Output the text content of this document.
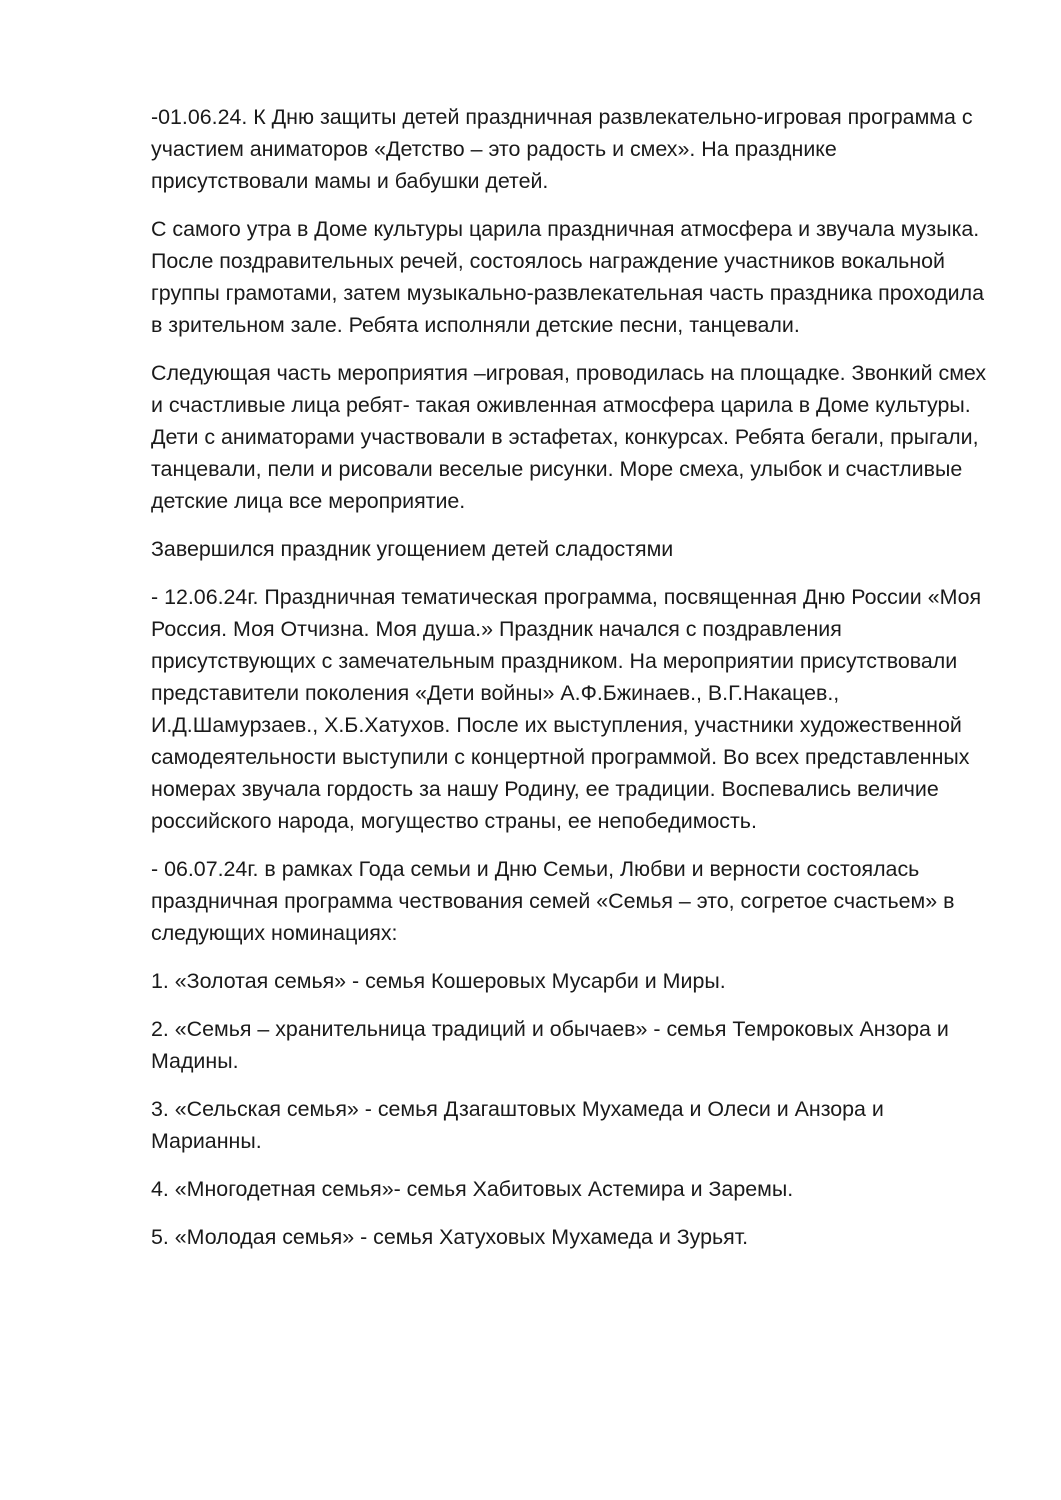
-01.06.24. К Дню защиты детей праздничная развлекательно-игровая программа с участием аниматоров «Детство – это радость и смех». На празднике присутствовали мамы и бабушки детей.

С самого утра в Доме культуры царила праздничная атмосфера и звучала музыка. После поздравительных речей, состоялось награждение участников вокальной группы грамотами, затем музыкально-развлекательная часть праздника проходила в зрительном зале. Ребята исполняли детские песни, танцевали.

Следующая часть мероприятия –игровая, проводилась на площадке. Звонкий смех и счастливые лица ребят- такая оживленная атмосфера царила в Доме культуры. Дети с аниматорами участвовали в эстафетах, конкурсах. Ребята бегали, прыгали, танцевали, пели и рисовали веселые рисунки. Море смеха, улыбок и счастливые детские лица все мероприятие.

Завершился праздник угощением детей сладостями

- 12.06.24г. Праздничная тематическая программа, посвященная Дню России «Моя Россия. Моя Отчизна. Моя душа.» Праздник начался с поздравления присутствующих с замечательным праздником. На мероприятии присутствовали представители поколения «Дети войны» А.Ф.Бжинаев., В.Г.Накацев., И.Д.Шамурзаев., Х.Б.Хатухов. После их выступления, участники художественной самодеятельности выступили с концертной программой. Во всех представленных номерах звучала гордость за нашу Родину, ее традиции. Воспевались величие российского народа, могущество страны, ее непобедимость.

- 06.07.24г. в рамках Года семьи и Дню Семьи, Любви и верности состоялась праздничная программа чествования семей «Семья – это, согретое счастьем» в следующих номинациях:

1. «Золотая семья» - семья Кошеровых Мусарби и Миры.

2. «Семья – хранительница традиций и обычаев» - семья Темроковых Анзора и Мадины.

3. «Сельская семья» - семья Дзагаштовых Мухамеда и Олеси и Анзора и Марианны.

4. «Многодетная семья»- семья Хабитовых Астемира и Заремы.

5. «Молодая семья» - семья Хатуховых Мухамеда и Зурьят.
